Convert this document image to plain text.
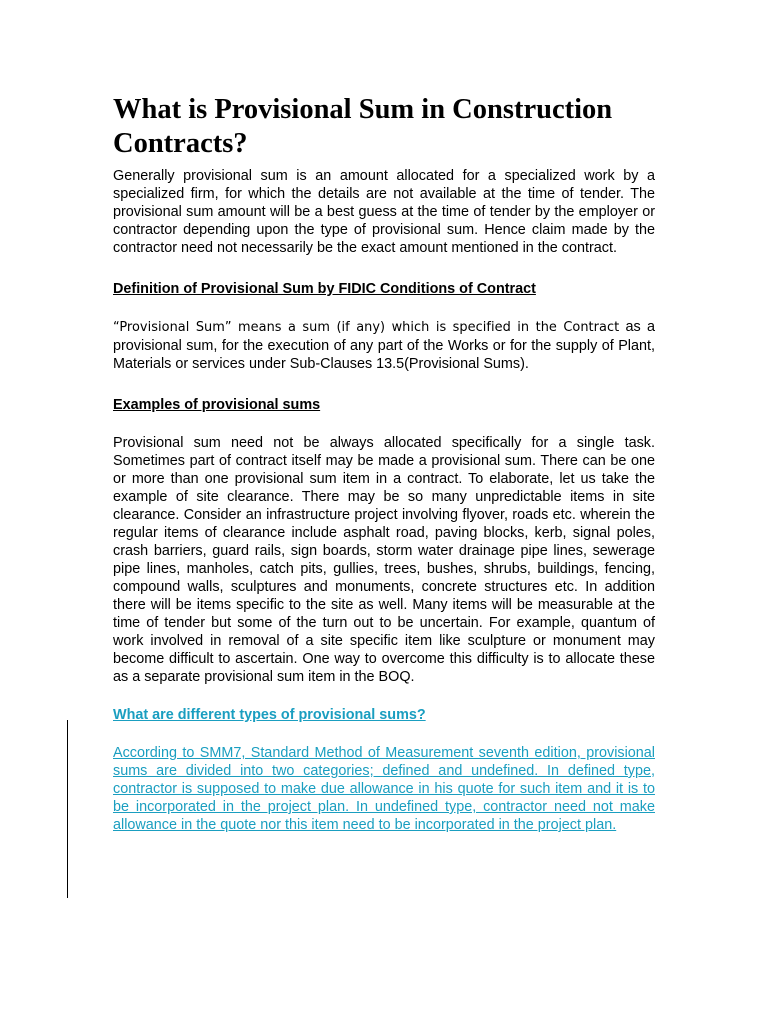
What is Provisional Sum in Construction Contracts?

Generally provisional sum is an amount allocated for a specialized work by a specialized firm, for which the details are not available at the time of tender. The provisional sum amount will be a best guess at the time of tender by the employer or contractor depending upon the type of provisional sum. Hence claim made by the contractor need not necessarily be the exact amount mentioned in the contract.

Definition of Provisional Sum by FIDIC Conditions of Contract

“Provisional Sum” means a sum (if any) which is specified in the Contract as a provisional sum, for the execution of any part of the Works or for the supply of Plant, Materials or services under Sub-Clauses 13.5(Provisional Sums).

Examples of provisional sums

Provisional sum need not be always allocated specifically for a single task. Sometimes part of contract itself may be made a provisional sum. There can be one or more than one provisional sum item in a contract. To elaborate, let us take the example of site clearance. There may be so many unpredictable items in site clearance. Consider an infrastructure project involving flyover, roads etc. wherein the regular items of clearance include asphalt road, paving blocks, kerb, signal poles, crash barriers, guard rails, sign boards, storm water drainage pipe lines, sewerage pipe lines, manholes, catch pits, gullies, trees, bushes, shrubs, buildings, fencing, compound walls, sculptures and monuments, concrete structures etc. In addition there will be items specific to the site as well. Many items will be measurable at the time of tender but some of the turn out to be uncertain. For example, quantum of work involved in removal of a site specific item like sculpture or monument may become difficult to ascertain. One way to overcome this difficulty is to allocate these as a separate provisional sum item in the BOQ.

What are different types of provisional sums?

According to SMM7, Standard Method of Measurement seventh edition, provisional sums are divided into two categories; defined and undefined. In defined type, contractor is supposed to make due allowance in his quote for such item and it is to be incorporated in the project plan. In undefined type, contractor need not make allowance in the quote nor this item need to be incorporated in the project plan.
